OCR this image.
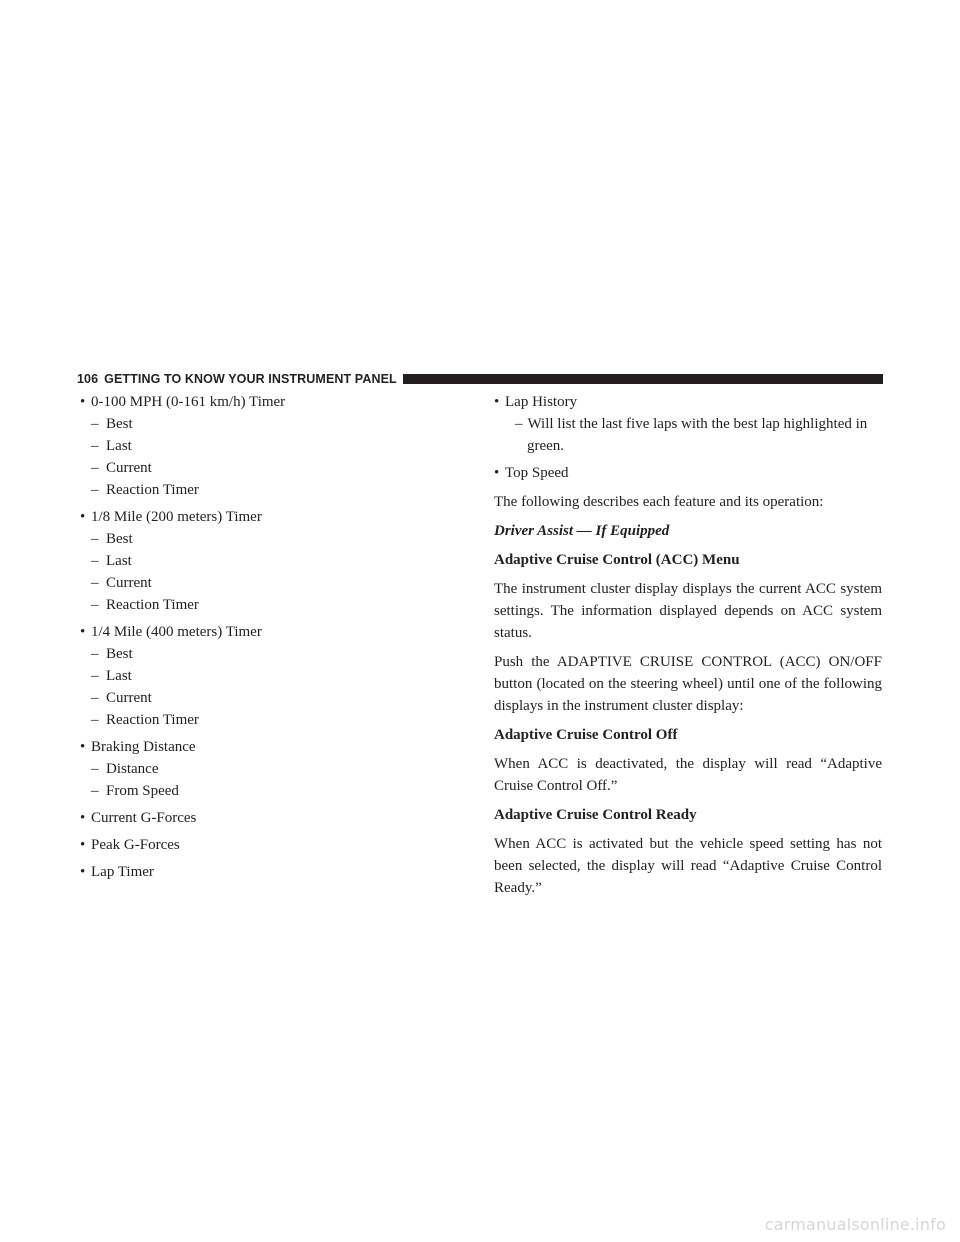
106 GETTING TO KNOW YOUR INSTRUMENT PANEL
• 0-100 MPH (0-161 km/h) Timer
– Best
– Last
– Current
– Reaction Timer
• 1/8 Mile (200 meters) Timer
– Best
– Last
– Current
– Reaction Timer
• 1/4 Mile (400 meters) Timer
– Best
– Last
– Current
– Reaction Timer
• Braking Distance
– Distance
– From Speed
• Current G-Forces
• Peak G-Forces
• Lap Timer
• Lap History
– Will list the last five laps with the best lap highlighted in green.
• Top Speed

The following describes each feature and its operation:

Driver Assist — If Equipped

Adaptive Cruise Control (ACC) Menu

The instrument cluster display displays the current ACC system settings. The information displayed depends on ACC system status.

Push the ADAPTIVE CRUISE CONTROL (ACC) ON/OFF button (located on the steering wheel) until one of the following displays in the instrument cluster display:

Adaptive Cruise Control Off

When ACC is deactivated, the display will read “Adaptive Cruise Control Off.”

Adaptive Cruise Control Ready

When ACC is activated but the vehicle speed setting has not been selected, the display will read “Adaptive Cruise Control Ready.”

carmanualsonline.info
